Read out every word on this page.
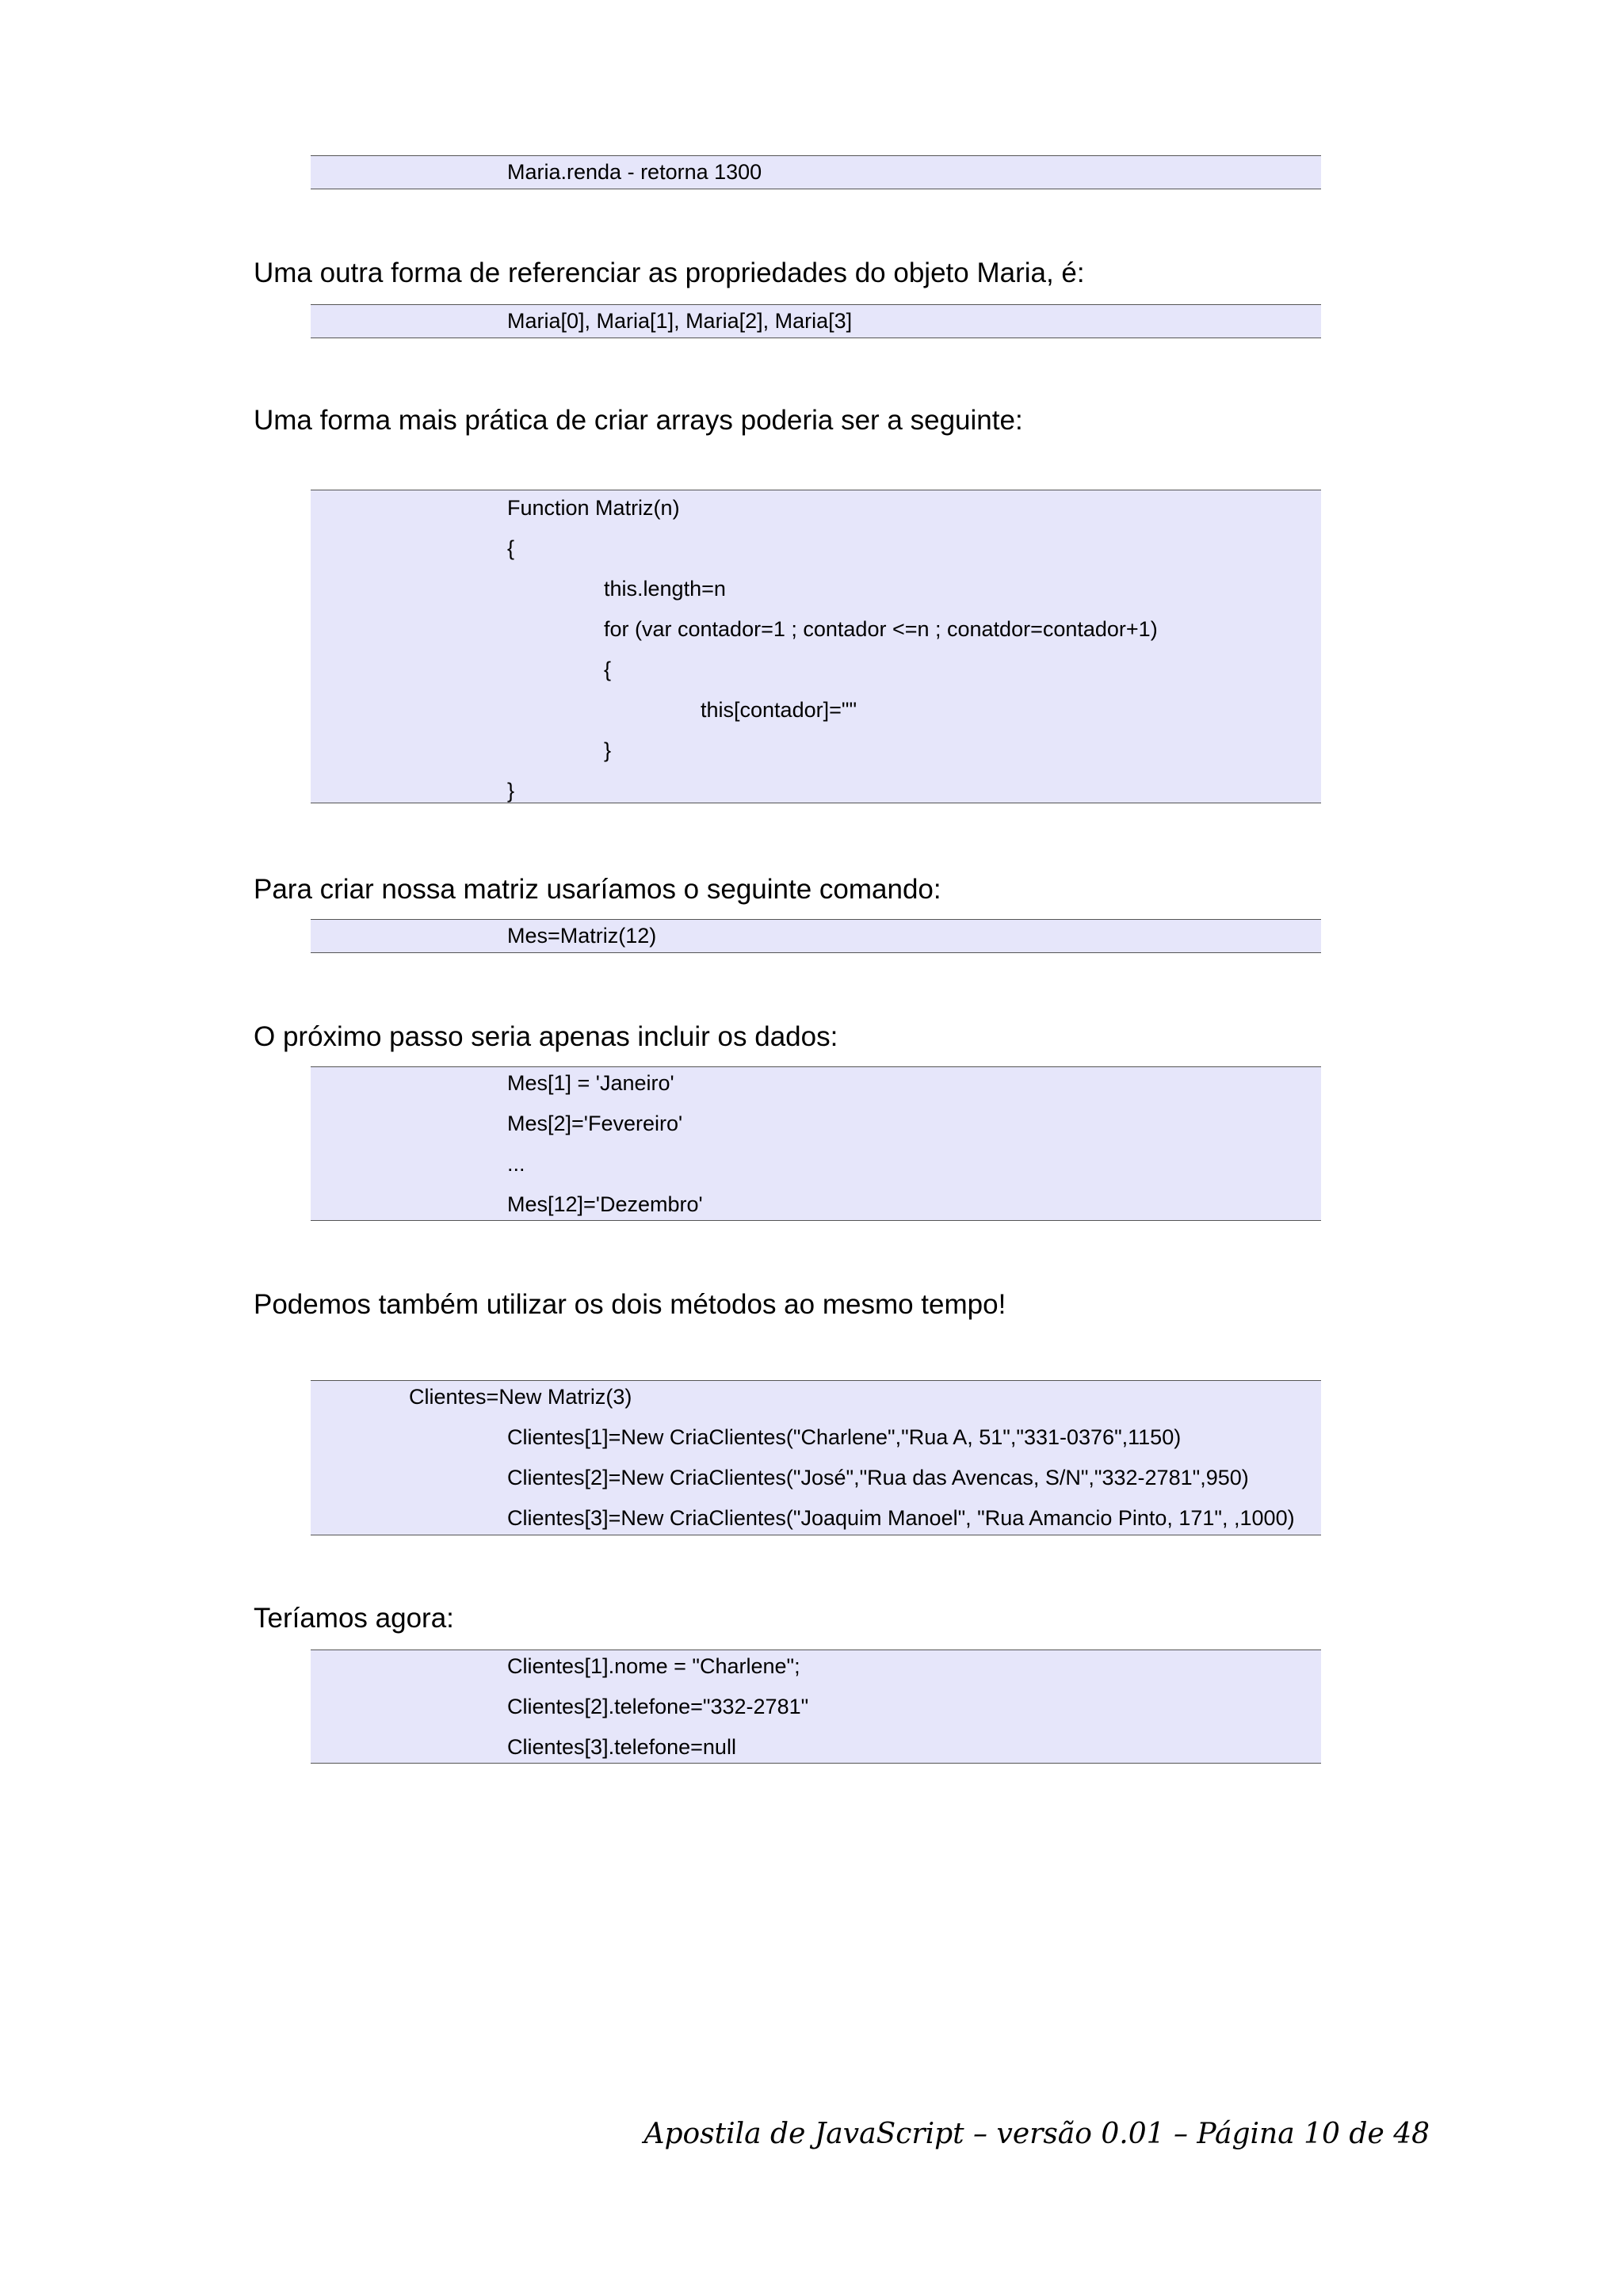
Maria.renda - retorna 1300
Uma outra forma de referenciar as propriedades do objeto Maria, é:
Maria[0], Maria[1], Maria[2], Maria[3]
Uma forma mais prática de criar arrays poderia ser a seguinte:
Function Matriz(n)
{
this.length=n
for (var contador=1 ; contador <=n ; conatdor=contador+1)
{
this[contador]=""
}
}
Para criar nossa matriz usaríamos o seguinte comando:
Mes=Matriz(12)
O próximo passo seria apenas incluir os dados:
Mes[1] = 'Janeiro'
Mes[2]='Fevereiro'
...
Mes[12]='Dezembro'
Podemos também utilizar os dois métodos ao mesmo tempo!
Clientes=New Matriz(3)
Clientes[1]=New CriaClientes("Charlene","Rua A, 51","331-0376",1150)
Clientes[2]=New CriaClientes("José","Rua das Avencas, S/N","332-2781",950)
Clientes[3]=New CriaClientes("Joaquim Manoel", "Rua Amancio Pinto, 171", ,1000)
Teríamos agora:
Clientes[1].nome = "Charlene";
Clientes[2].telefone="332-2781"
Clientes[3].telefone=null
Apostila de JavaScript – versão 0.01 – Página 10 de 48
